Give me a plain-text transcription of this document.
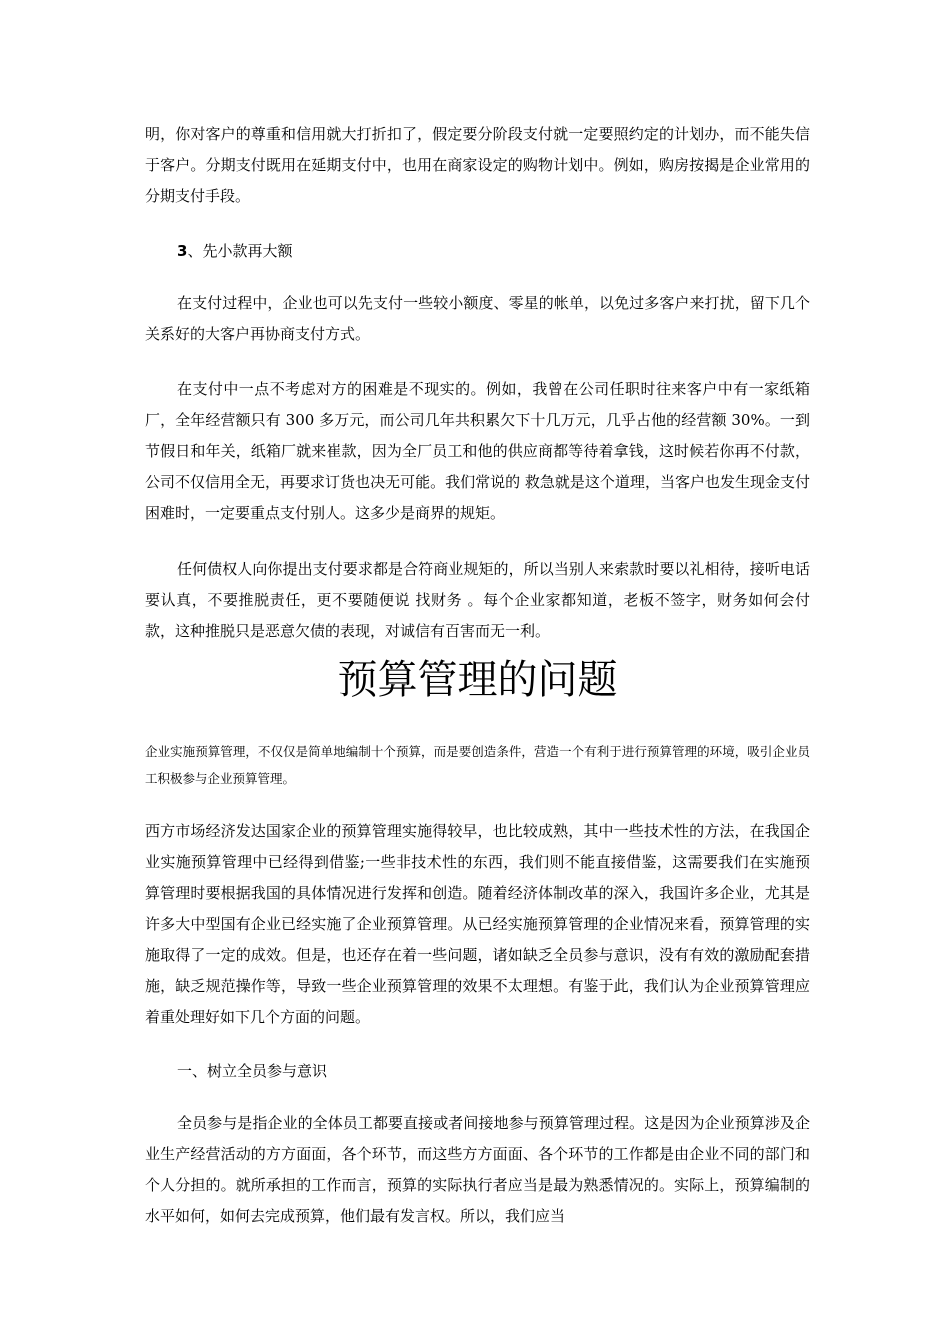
明，你对客户的尊重和信用就大打折扣了，假定要分阶段支付就一定要照约定的计划办，而不能失信于客户。分期支付既用在延期支付中，也用在商家设定的购物计划中。例如，购房按揭是企业常用的分期支付手段。

3、先小款再大额

在支付过程中，企业也可以先支付一些较小额度、零星的帐单，以免过多客户来打扰，留下几个关系好的大客户再协商支付方式。

在支付中一点不考虑对方的困难是不现实的。例如，我曾在公司任职时往来客户中有一家纸箱厂，全年经营额只有 300 多万元，而公司几年共积累欠下十几万元，几乎占他的经营额 30%。一到节假日和年关，纸箱厂就来崔款，因为全厂员工和他的供应商都等待着拿钱，这时候若你再不付款，公司不仅信用全无，再要求订货也决无可能。我们常说的 救急就是这个道理，当客户也发生现金支付困难时，一定要重点支付别人。这多少是商界的规矩。

任何债权人向你提出支付要求都是合符商业规矩的，所以当别人来索款时要以礼相待，接听电话要认真，不要推脱责任，更不要随便说 找财务 。每个企业家都知道，老板不签字，财务如何会付款，这种推脱只是恶意欠债的表现，对诚信有百害而无一利。

预算管理的问题

企业实施预算管理，不仅仅是简单地编制十个预算，而是要创造条件，营造一个有利于进行预算管理的环境，吸引企业员工积极参与企业预算管理。

西方市场经济发达国家企业的预算管理实施得较早，也比较成熟，其中一些技术性的方法，在我国企业实施预算管理中已经得到借鉴;一些非技术性的东西，我们则不能直接借鉴，这需要我们在实施预算管理时要根据我国的具体情况进行发挥和创造。随着经济体制改革的深入，我国许多企业，尤其是许多大中型国有企业已经实施了企业预算管理。从已经实施预算管理的企业情况来看，预算管理的实施取得了一定的成效。但是，也还存在着一些问题，诸如缺乏全员参与意识，没有有效的激励配套措施，缺乏规范操作等，导致一些企业预算管理的效果不太理想。有鉴于此，我们认为企业预算管理应着重处理好如下几个方面的问题。

一、树立全员参与意识

全员参与是指企业的全体员工都要直接或者间接地参与预算管理过程。这是因为企业预算涉及企业生产经营活动的方方面面，各个环节，而这些方方面面、各个环节的工作都是由企业不同的部门和个人分担的。就所承担的工作而言，预算的实际执行者应当是最为熟悉情况的。实际上，预算编制的水平如何，如何去完成预算，他们最有发言权。所以，我们应当
